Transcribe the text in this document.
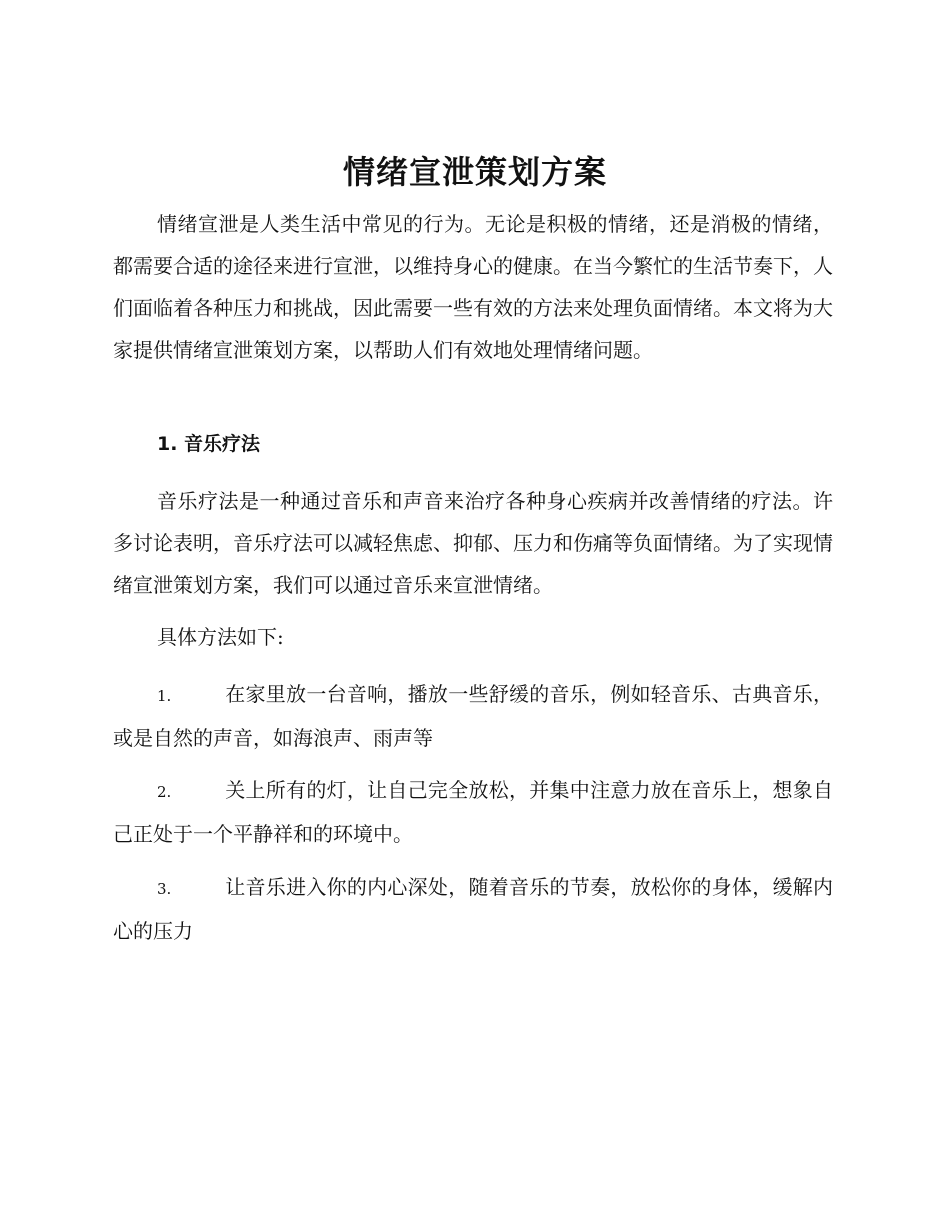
情绪宣泄策划方案

情绪宣泄是人类生活中常见的行为。无论是积极的情绪，还是消极的情绪，都需要合适的途径来进行宣泄，以维持身心的健康。在当今繁忙的生活节奏下，人们面临着各种压力和挑战，因此需要一些有效的方法来处理负面情绪。本文将为大家提供情绪宣泄策划方案，以帮助人们有效地处理情绪问题。

1. 音乐疗法

音乐疗法是一种通过音乐和声音来治疗各种身心疾病并改善情绪的疗法。许多讨论表明，音乐疗法可以减轻焦虑、抑郁、压力和伤痛等负面情绪。为了实现情绪宣泄策划方案，我们可以通过音乐来宣泄情绪。

具体方法如下:

1.	在家里放一台音响，播放一些舒缓的音乐，例如轻音乐、古典音乐，或是自然的声音，如海浪声、雨声等

2.	关上所有的灯，让自己完全放松，并集中注意力放在音乐上，想象自己正处于一个平静祥和的环境中。

3.	让音乐进入你的内心深处，随着音乐的节奏，放松你的身体，缓解内心的压力
